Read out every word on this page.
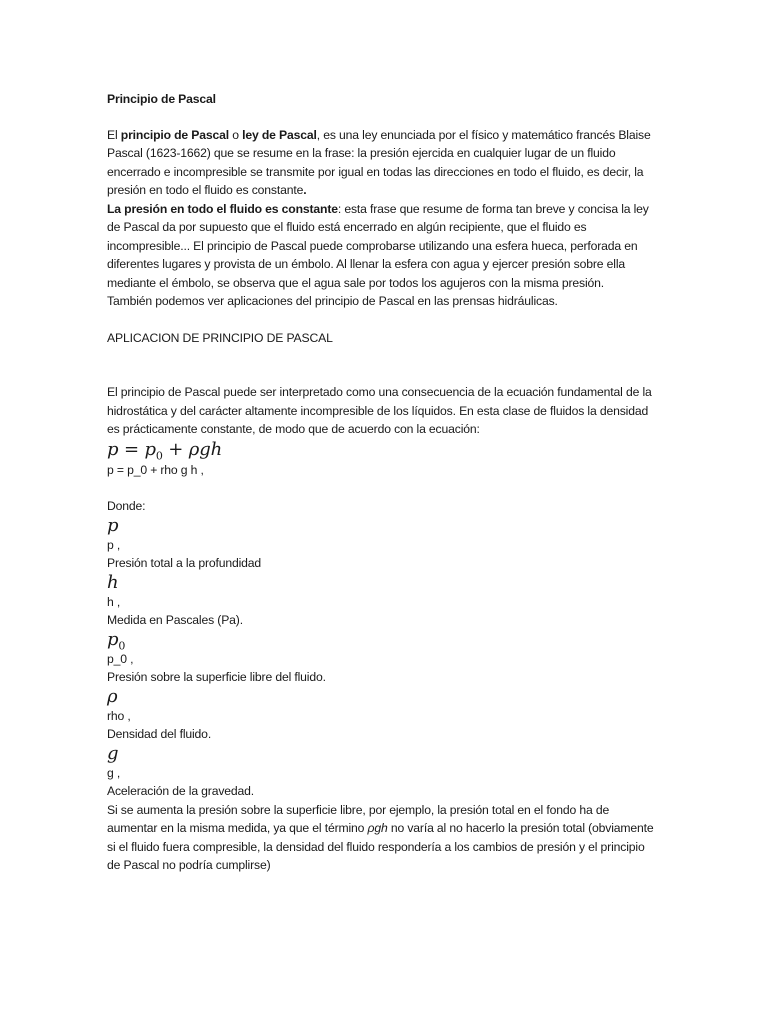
Principio de Pascal

El principio de Pascal o ley de Pascal, es una ley enunciada por el físico y matemático francés Blaise Pascal (1623-1662) que se resume en la frase: la presión ejercida en cualquier lugar de un fluido encerrado e incompresible se transmite por igual en todas las direcciones en todo el fluido, es decir, la presión en todo el fluido es constante.

La presión en todo el fluido es constante: esta frase que resume de forma tan breve y concisa la ley de Pascal da por supuesto que el fluido está encerrado en algún recipiente, que el fluido es incompresible... El principio de Pascal puede comprobarse utilizando una esfera hueca, perforada en diferentes lugares y provista de un émbolo. Al llenar la esfera con agua y ejercer presión sobre ella mediante el émbolo, se observa que el agua sale por todos los agujeros con la misma presión.

También podemos ver aplicaciones del principio de Pascal en las prensas hidráulicas.

APLICACION DE PRINCIPIO DE PASCAL

El principio de Pascal puede ser interpretado como una consecuencia de la ecuación fundamental de la hidrostática y del carácter altamente incompresible de los líquidos. En esta clase de fluidos la densidad es prácticamente constante, de modo que de acuerdo con la ecuación:

$p = p_0 + \rho gh$

p = p_0 + rho g h ,

Donde:

p

p ,

Presión total a la profundidad

h

h ,

Medida en Pascales (Pa).

$p_0$

p_0 ,

Presión sobre la superficie libre del fluido.

ρ

rho ,

Densidad del fluido.

g

g ,

Aceleración de la gravedad.

Si se aumenta la presión sobre la superficie libre, por ejemplo, la presión total en el fondo ha de aumentar en la misma medida, ya que el término ρgh no varía al no hacerlo la presión total (obviamente si el fluido fuera compresible, la densidad del fluido respondería a los cambios de presión y el principio de Pascal no podría cumplirse)
